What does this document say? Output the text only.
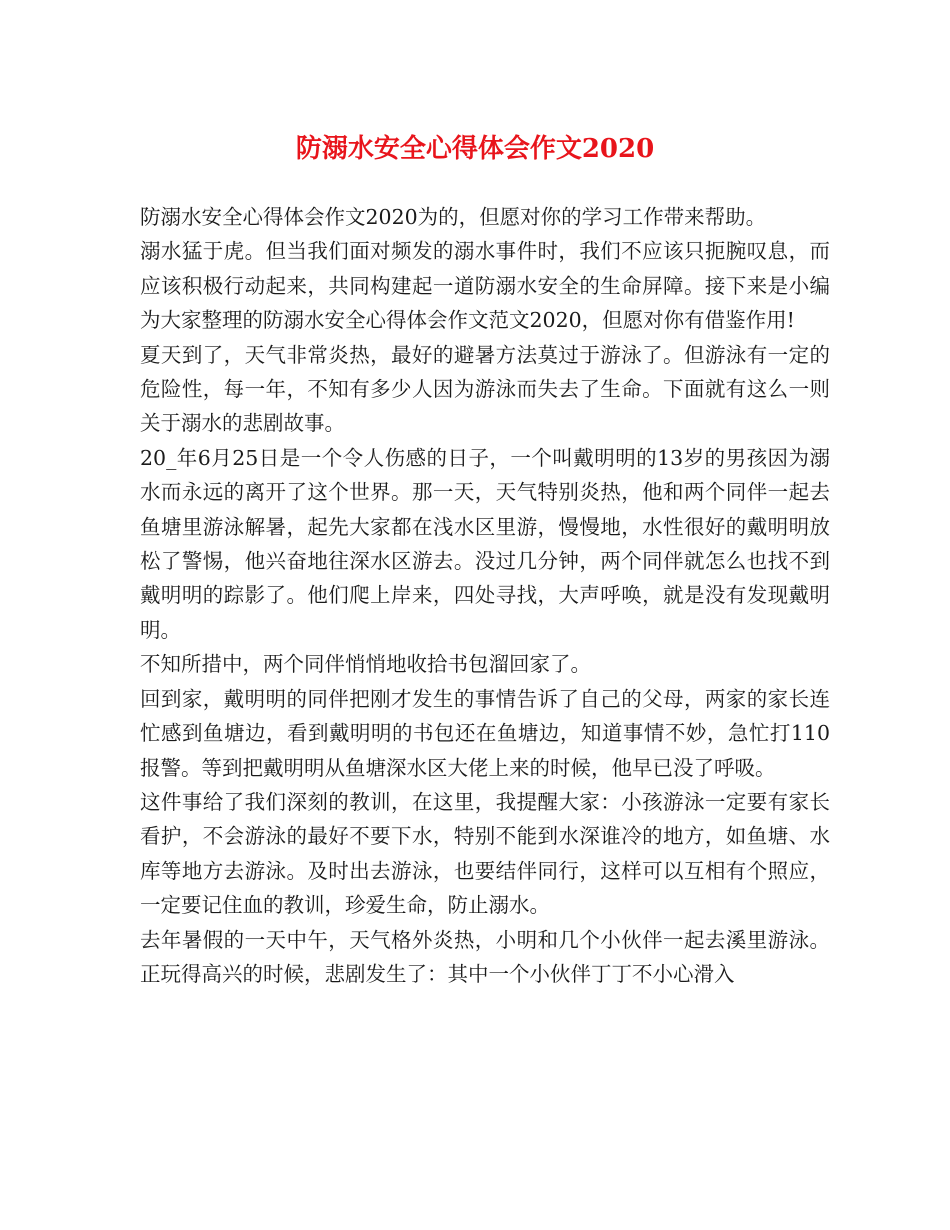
防溺水安全心得体会作文2020

防溺水安全心得体会作文2020为的，但愿对你的学习工作带来帮助。

溺水猛于虎。但当我们面对频发的溺水事件时，我们不应该只扼腕叹息，而应该积极行动起来，共同构建起一道防溺水安全的生命屏障。接下来是小编为大家整理的防溺水安全心得体会作文范文2020，但愿对你有借鉴作用!

夏天到了，天气非常炎热，最好的避暑方法莫过于游泳了。但游泳有一定的危险性，每一年，不知有多少人因为游泳而失去了生命。下面就有这么一则关于溺水的悲剧故事。

20_年6月25日是一个令人伤感的日子，一个叫戴明明的13岁的男孩因为溺水而永远的离开了这个世界。那一天，天气特别炎热，他和两个同伴一起去鱼塘里游泳解暑，起先大家都在浅水区里游，慢慢地，水性很好的戴明明放松了警惕，他兴奋地往深水区游去。没过几分钟，两个同伴就怎么也找不到戴明明的踪影了。他们爬上岸来，四处寻找，大声呼唤，就是没有发现戴明明。

不知所措中，两个同伴悄悄地收拾书包溜回家了。

回到家，戴明明的同伴把刚才发生的事情告诉了自己的父母，两家的家长连忙感到鱼塘边，看到戴明明的书包还在鱼塘边，知道事情不妙，急忙打110报警。等到把戴明明从鱼塘深水区大佬上来的时候，他早已没了呼吸。

这件事给了我们深刻的教训，在这里，我提醒大家：小孩游泳一定要有家长看护，不会游泳的最好不要下水，特别不能到水深谁冷的地方，如鱼塘、水库等地方去游泳。及时出去游泳，也要结伴同行，这样可以互相有个照应，一定要记住血的教训，珍爱生命，防止溺水。

去年暑假的一天中午，天气格外炎热，小明和几个小伙伴一起去溪里游泳。正玩得高兴的时候，悲剧发生了：其中一个小伙伴丁丁不小心滑入
